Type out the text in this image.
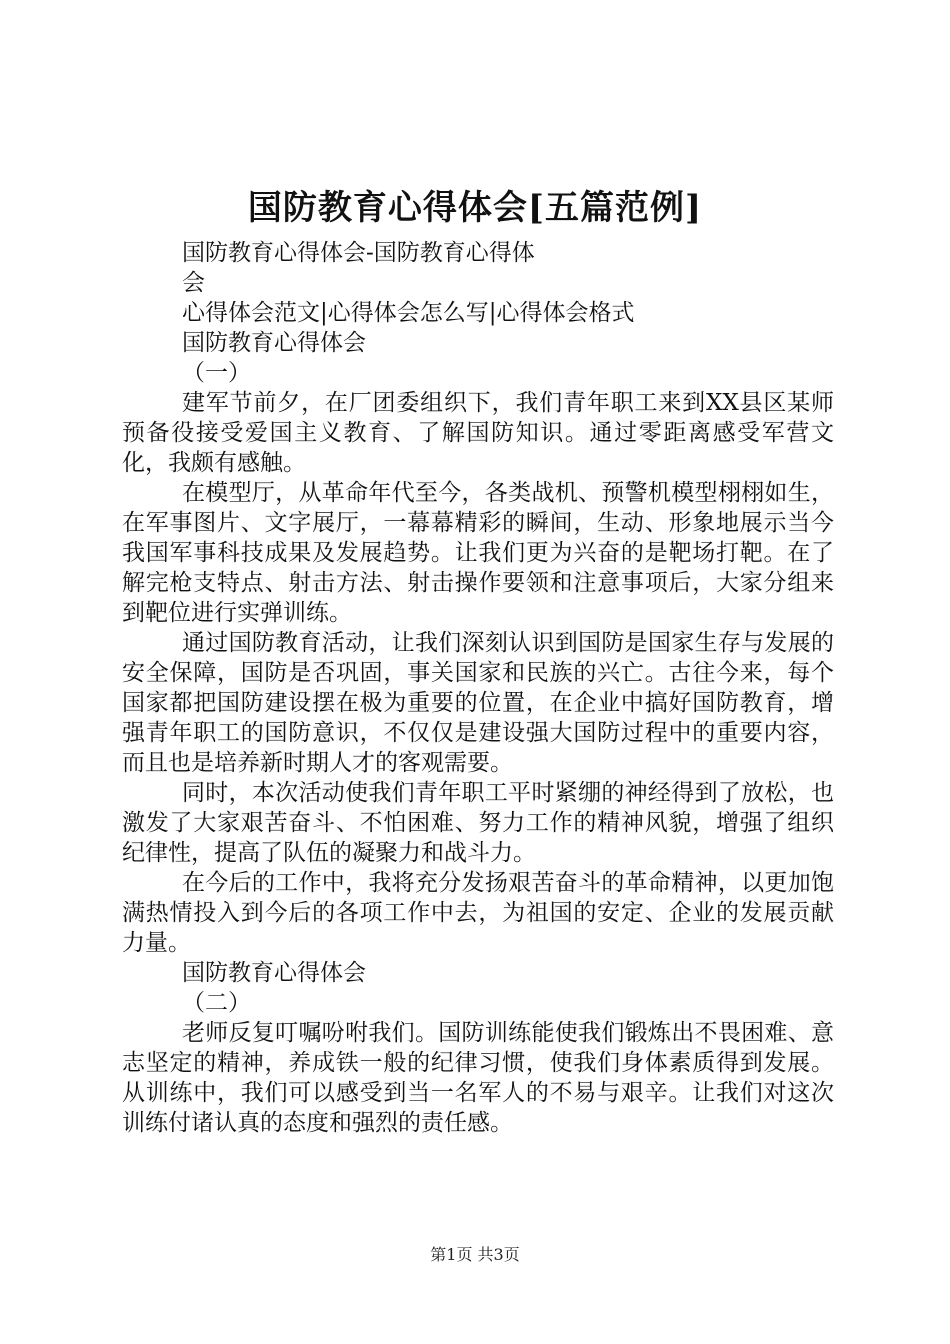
国防教育心得体会[五篇范例]
国防教育心得体会-国防教育心得体
会
心得体会范文|心得体会怎么写|心得体会格式
国防教育心得体会
（一）
建军节前夕，在厂团委组织下，我们青年职工来到XX县区某师预备役接受爱国主义教育、了解国防知识。通过零距离感受军营文化，我颇有感触。
在模型厅，从革命年代至今，各类战机、预警机模型栩栩如生，在军事图片、文字展厅，一幕幕精彩的瞬间，生动、形象地展示当今我国军事科技成果及发展趋势。让我们更为兴奋的是靶场打靶。在了解完枪支特点、射击方法、射击操作要领和注意事项后，大家分组来到靶位进行实弹训练。
通过国防教育活动，让我们深刻认识到国防是国家生存与发展的安全保障，国防是否巩固，事关国家和民族的兴亡。古往今来，每个国家都把国防建设摆在极为重要的位置，在企业中搞好国防教育，增强青年职工的国防意识，不仅仅是建设强大国防过程中的重要内容，而且也是培养新时期人才的客观需要。
同时，本次活动使我们青年职工平时紧绷的神经得到了放松，也激发了大家艰苦奋斗、不怕困难、努力工作的精神风貌，增强了组织纪律性，提高了队伍的凝聚力和战斗力。
在今后的工作中，我将充分发扬艰苦奋斗的革命精神，以更加饱满热情投入到今后的各项工作中去，为祖国的安定、企业的发展贡献力量。
国防教育心得体会
（二）
老师反复叮嘱吩咐我们。国防训练能使我们锻炼出不畏困难、意志坚定的精神，养成铁一般的纪律习惯，使我们身体素质得到发展。从训练中，我们可以感受到当一名军人的不易与艰辛。让我们对这次训练付诸认真的态度和强烈的责任感。
第1页 共3页
